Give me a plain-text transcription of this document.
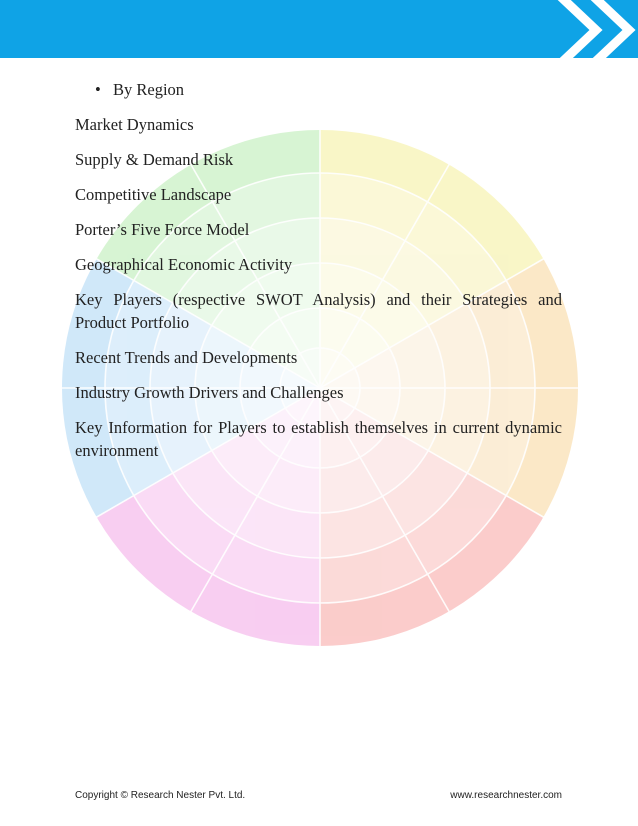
• By Region

Market Dynamics

Supply & Demand Risk

Competitive Landscape

Porter’s Five Force Model

Geographical Economic Activity

Key Players (respective SWOT Analysis) and their Strategies and Product Portfolio

Recent Trends and Developments

Industry Growth Drivers and Challenges

Key Information for Players to establish themselves in current dynamic environment

Copyright © Research Nester Pvt. Ltd.	www.researchnester.com
